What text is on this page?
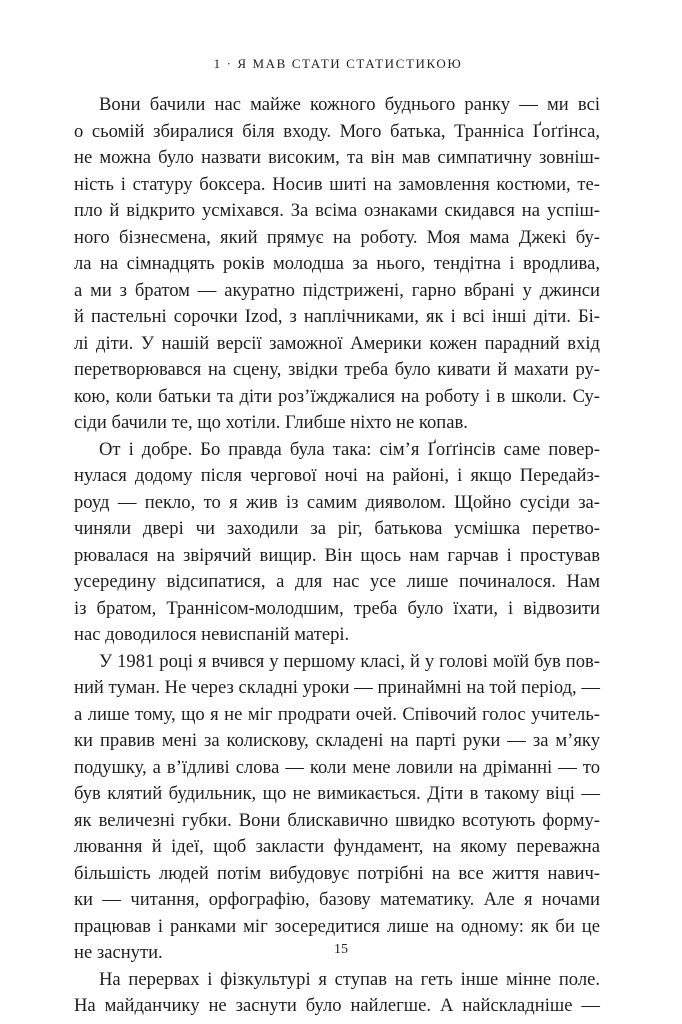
1 · Я МАВ СТАТИ СТАТИСТИКОЮ

Вони бачили нас майже кожного буднього ранку — ми всі
о сьомій збиралися біля входу. Мого батька, Траннiса Ґоґґінса,
не можна було назвати високим, та він мав симпатичну зовніш-
ність і статуру боксера. Носив шиті на замовлення костюми, те-
пло й відкрито усміхався. За всіма ознаками скидався на успіш-
ного бізнесмена, який прямує на роботу. Моя мама Джекі бу-
ла на сімнадцять років молодша за нього, тендітна і вродлива,
а ми з братом — акуратно підстрижені, гарно вбрані у джинси
й пастельні сорочки Izod, з наплічниками, як і всі інші діти. Бі-
лі діти. У нашій версії заможної Америки кожен парадний вхід
перетворювався на сцену, звідки треба було кивати й махати ру-
кою, коли батьки та діти роз’їжджалися на роботу і в школи. Су-
сіди бачили те, що хотіли. Глибше ніхто не копав.

От і добре. Бо правда була така: сім’я Ґоґґінсів саме повер-
нулася додому після чергової ночі на районі, і якщо Передайз-
роуд — пекло, то я жив із самим дияволом. Щойно сусіди за-
чиняли двері чи заходили за ріг, батькова усмішка перетво-
рювалася на звірячий вищир. Він щось нам гарчав і простував
усередину відсипатися, а для нас усе лише починалося. Нам
із братом, Траннісом-молодшим, треба було їхати, і відвозити
нас доводилося невиспаній матері.

У 1981 році я вчився у першому класі, й у голові моїй був пов-
ний туман. Не через складні уроки — принаймні на той період, —
а лише тому, що я не міг продрати очей. Співочий голос учитель-
ки правив мені за колискову, складені на парті руки — за м’яку
подушку, а в’їдливі слова — коли мене ловили на дріманні — то
був клятий будильник, що не вимикається. Діти в такому віці —
як величезні губки. Вони блискавично швидко всотують форму-
лювання й ідеї, щоб закласти фундамент, на якому переважна
більшість людей потім вибудовує потрібні на все життя навич-
ки — читання, орфографію, базову математику. Але я ночами
працював і ранками міг зосередитися лише на одному: як би це
не заснути.

На перервах і фізкультурі я ступав на геть інше мінне поле.
На майданчику не заснути було найлегше. А найскладніше —

15
